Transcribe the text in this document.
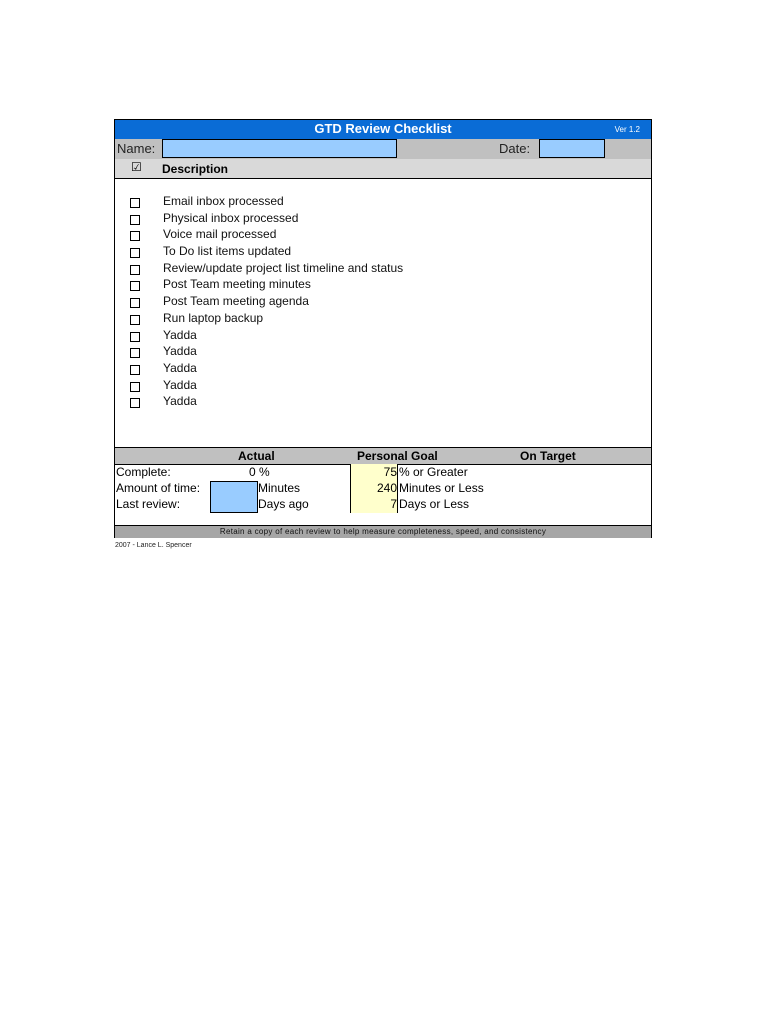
GTD Review Checklist	Ver 1.2
Name:	Date:
☑ Description
Email inbox processed
Physical inbox processed
Voice mail processed
To Do list items updated
Review/update project list timeline and status
Post Team meeting minutes
Post Team meeting agenda
Run laptop backup
Yadda
Yadda
Yadda
Yadda
Yadda
Actual	Personal Goal	On Target
Complete:	0 %	75 % or Greater
Amount of time:	Minutes	240 Minutes or Less
Last review:	Days ago	7 Days or Less
Retain a copy of each review to help measure completeness, speed, and consistency
2007 - Lance L. Spencer
